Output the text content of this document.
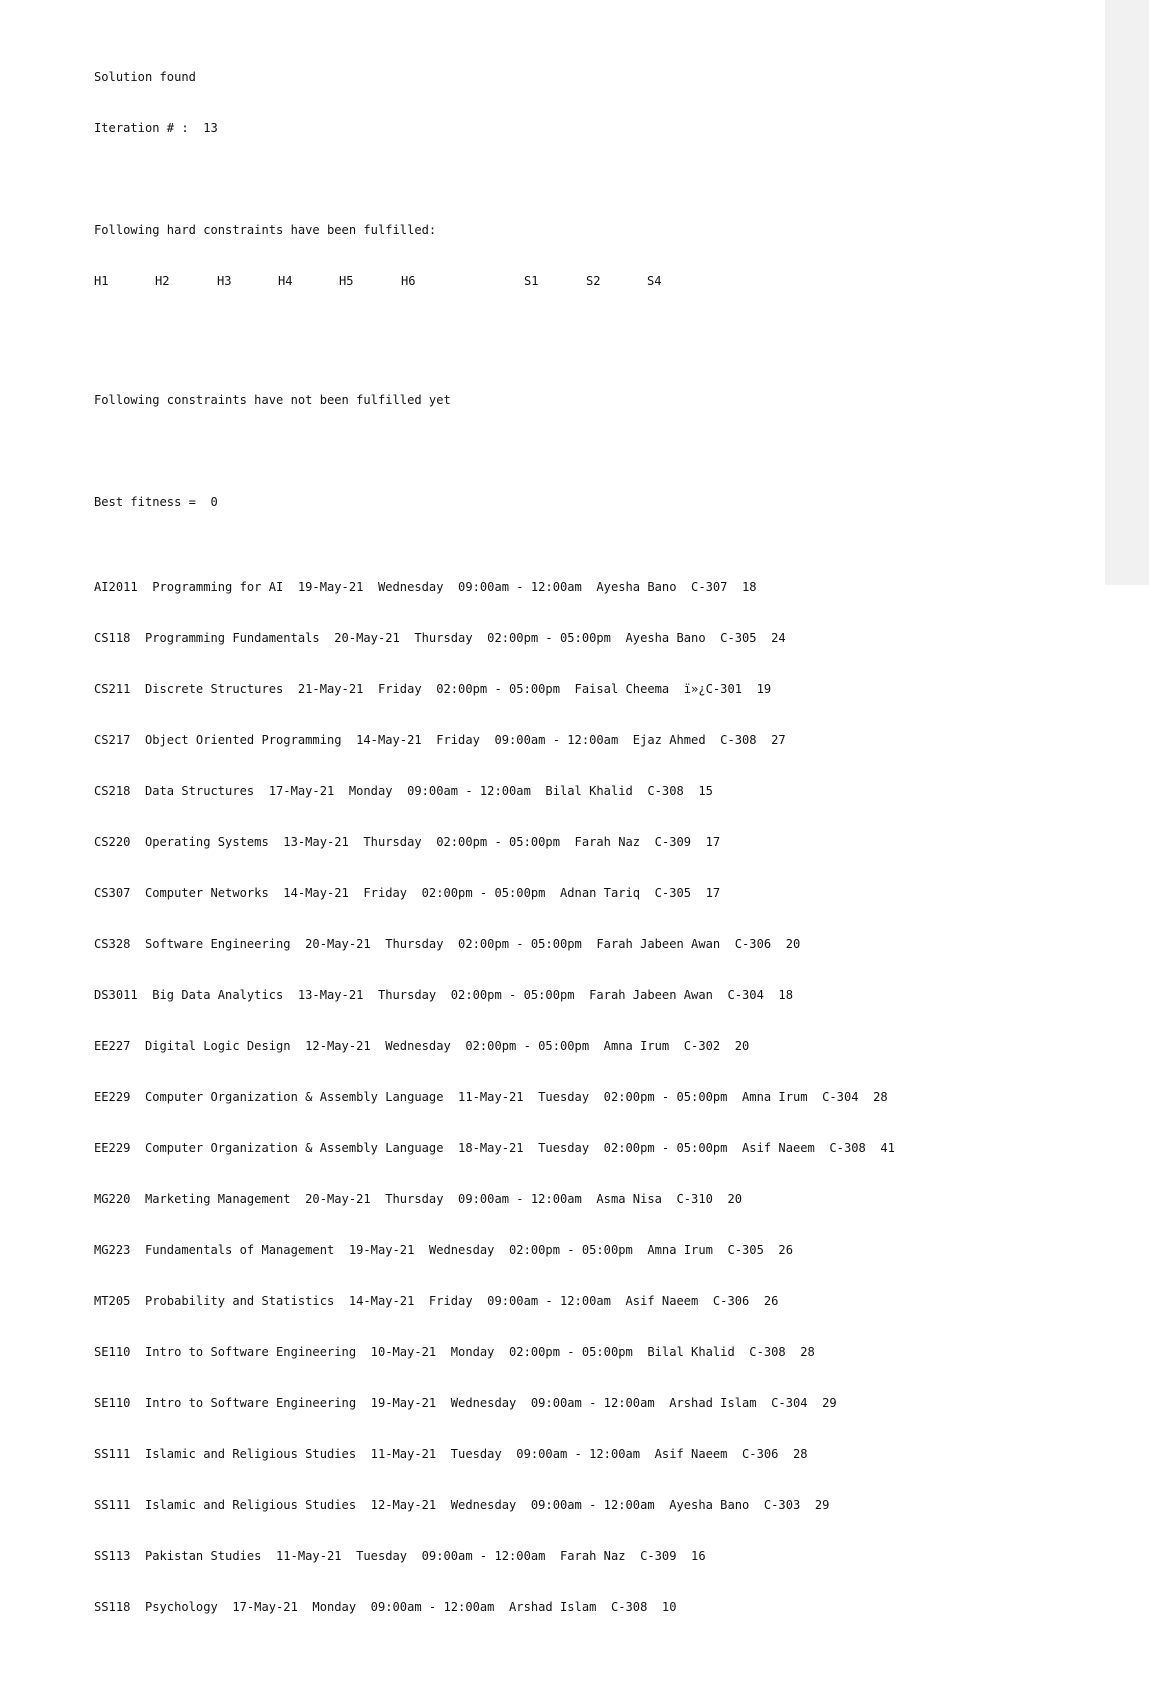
Solution found

Iteration # :  13

Following hard constraints have been fulfilled:

H1

	H2

	H3

	H4

	H5

	H6

	S1

	S2

	S4

Following constraints have not been fulfilled yet

Best fitness =  0

AI2011  Programming for AI  19-May-21  Wednesday  09:00am - 12:00am  Ayesha Bano  C-307  18

CS118  Programming Fundamentals  20-May-21  Thursday  02:00pm - 05:00pm  Ayesha Bano  C-305  24

CS211  Discrete Structures  21-May-21  Friday  02:00pm - 05:00pm  Faisal Cheema  ï»¿C-301  19

CS217  Object Oriented Programming  14-May-21  Friday  09:00am - 12:00am  Ejaz Ahmed  C-308  27

CS218  Data Structures  17-May-21  Monday  09:00am - 12:00am  Bilal Khalid  C-308  15

CS220  Operating Systems  13-May-21  Thursday  02:00pm - 05:00pm  Farah Naz  C-309  17

CS307  Computer Networks  14-May-21  Friday  02:00pm - 05:00pm  Adnan Tariq  C-305  17

CS328  Software Engineering  20-May-21  Thursday  02:00pm - 05:00pm  Farah Jabeen Awan  C-306  20

DS3011  Big Data Analytics  13-May-21  Thursday  02:00pm - 05:00pm  Farah Jabeen Awan  C-304  18

EE227  Digital Logic Design  12-May-21  Wednesday  02:00pm - 05:00pm  Amna Irum  C-302  20

EE229  Computer Organization & Assembly Language  11-May-21  Tuesday  02:00pm - 05:00pm  Amna Irum  C-304  28

EE229  Computer Organization & Assembly Language  18-May-21  Tuesday  02:00pm - 05:00pm  Asif Naeem  C-308  41

MG220  Marketing Management  20-May-21  Thursday  09:00am - 12:00am  Asma Nisa  C-310  20

MG223  Fundamentals of Management  19-May-21  Wednesday  02:00pm - 05:00pm  Amna Irum  C-305  26

MT205  Probability and Statistics  14-May-21  Friday  09:00am - 12:00am  Asif Naeem  C-306  26

SE110  Intro to Software Engineering  10-May-21  Monday  02:00pm - 05:00pm  Bilal Khalid  C-308  28

SE110  Intro to Software Engineering  19-May-21  Wednesday  09:00am - 12:00am  Arshad Islam  C-304  29

SS111  Islamic and Religious Studies  11-May-21  Tuesday  09:00am - 12:00am  Asif Naeem  C-306  28

SS111  Islamic and Religious Studies  12-May-21  Wednesday  09:00am - 12:00am  Ayesha Bano  C-303  29

SS113  Pakistan Studies  11-May-21  Tuesday  09:00am - 12:00am  Farah Naz  C-309  16

SS118  Psychology  17-May-21  Monday  09:00am - 12:00am  Arshad Islam  C-308  10
